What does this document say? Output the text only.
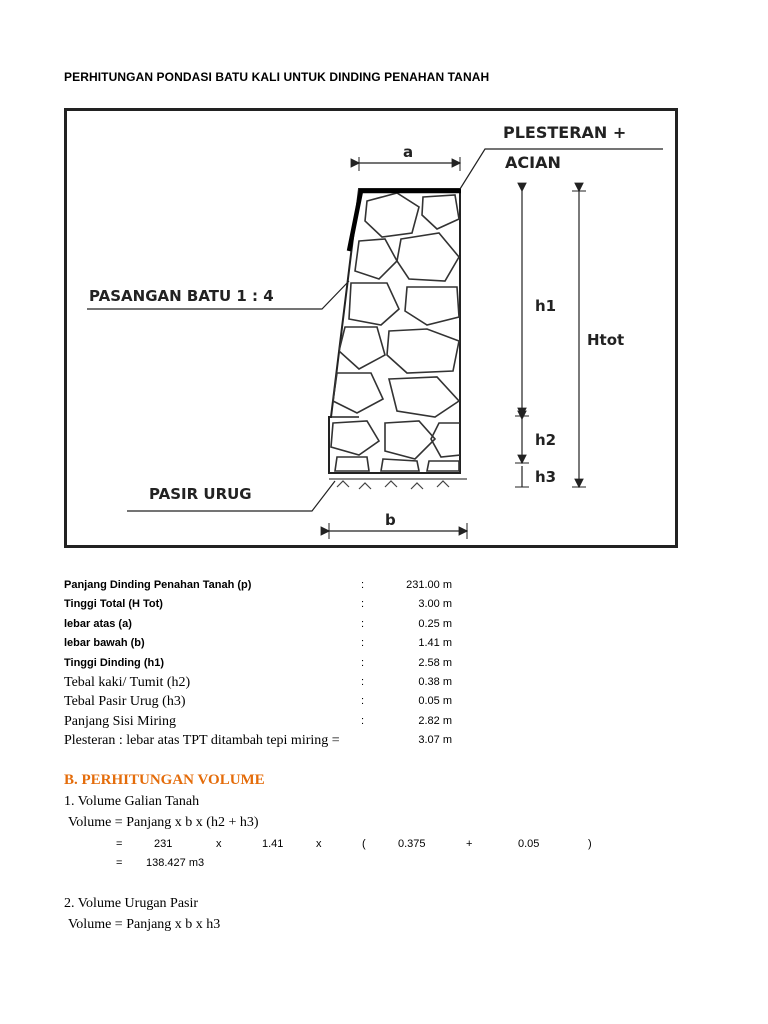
PERHITUNGAN PONDASI BATU KALI UNTUK DINDING PENAHAN TANAH
PLESTERAN +
ACIAN
a
PASANGAN BATU 1 : 4
h1
Htot
h2
h3
PASIR URUG
b
Panjang Dinding Penahan Tanah (p)	:	231.00 m
Tinggi Total (H Tot)	:	3.00 m
lebar atas (a)	:	0.25 m
lebar bawah (b)	:	1.41 m
Tinggi Dinding (h1)	:	2.58 m
Tebal kaki/ Tumit (h2)	:	0.38 m
Tebal Pasir Urug (h3)	:	0.05 m
Panjang Sisi Miring	:	2.82 m
Plesteran : lebar atas TPT ditambah tepi miring =	3.07 m
B. PERHITUNGAN VOLUME
1. Volume Galian Tanah
Volume = Panjang x b x (h2 + h3)
=	231	x	1.41	x	(	0.375	+	0.05	)
= 138.427 m3
2. Volume Urugan Pasir
Volume = Panjang x b x h3
